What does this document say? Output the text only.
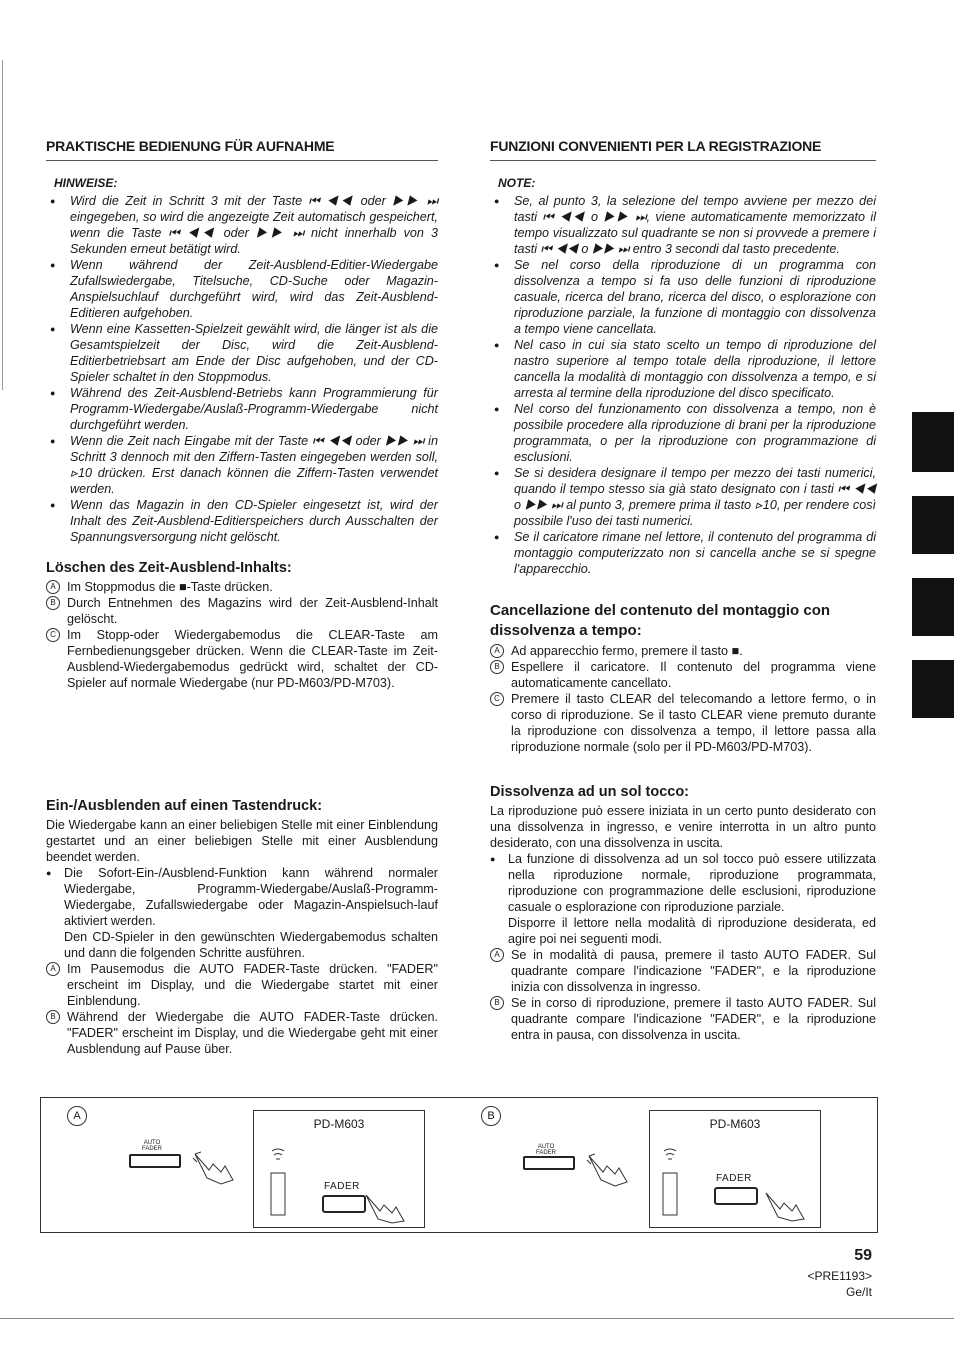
PRAKTISCHE BEDIENUNG FÜR AUFNAHME
HINWEISE:
● Wird die Zeit in Schritt 3 mit der Taste ⏮ ◀◀ oder ▶▶ ⏭ eingegeben, so wird die angezeigte Zeit automatisch gespeichert, wenn die Taste ⏮ ◀◀ oder ▶▶ ⏭ nicht innerhalb von 3 Sekunden erneut betätigt wird.
● Wenn während der Zeit-Ausblend-Editier-Wiedergabe Zufallswiedergabe, Titelsuche, CD-Suche oder Magazin-Anspielsuchlauf durchgeführt wird, wird das Zeit-Ausblend-Editieren aufgehoben.
● Wenn eine Kassetten-Spielzeit gewählt wird, die länger ist als die Gesamtspielzeit der Disc, wird die Zeit-Ausblend-Editierbetriebsart am Ende der Disc aufgehoben, und der CD-Spieler schaltet in den Stoppmodus.
● Während des Zeit-Ausblend-Betriebs kann Programmierung für Programm-Wiedergabe/Auslaß-Programm-Wiedergabe nicht durchgeführt werden.
● Wenn die Zeit nach Eingabe mit der Taste ⏮ ◀◀ oder ▶▶ ⏭ in Schritt 3 dennoch mit den Ziffern-Tasten eingegeben werden soll, ⊳10 drücken. Erst danach können die Ziffern-Tasten verwendet werden.
● Wenn das Magazin in den CD-Spieler eingesetzt ist, wird der Inhalt des Zeit-Ausblend-Editierspeichers durch Ausschalten der Spannungsversorgung nicht gelöscht.
Löschen des Zeit-Ausblend-Inhalts:
A Im Stoppmodus die ■-Taste drücken.
B Durch Entnehmen des Magazins wird der Zeit-Ausblend-Inhalt gelöscht.
C Im Stopp-oder Wiedergabemodus die CLEAR-Taste am Fernbedienungsgeber drücken. Wenn die CLEAR-Taste im Zeit-Ausblend-Wiedergabemodus gedrückt wird, schaltet der CD-Spieler auf normale Wiedergabe (nur PD-M603/PD-M703).
Ein-/Ausblenden auf einen Tastendruck:
Die Wiedergabe kann an einer beliebigen Stelle mit einer Einblendung gestartet und an einer beliebigen Stelle mit einer Ausblendung beendet werden.
● Die Sofort-Ein-/Ausblend-Funktion kann während normaler Wiedergabe, Programm-Wiedergabe/Auslaß-Programm-Wiedergabe, Zufallswiedergabe oder Magazin-Anspielsuch-lauf aktiviert werden.
Den CD-Spieler in den gewünschten Wiedergabemodus schalten und dann die folgenden Schritte ausführen.
A Im Pausemodus die AUTO FADER-Taste drücken. "FADER" erscheint im Display, und die Wiedergabe startet mit einer Einblendung.
B Während der Wiedergabe die AUTO FADER-Taste drücken. "FADER" erscheint im Display, und die Wiedergabe geht mit einer Ausblendung auf Pause über.
FUNZIONI CONVENIENTI PER LA REGISTRAZIONE
NOTE:
● Se, al punto 3, la selezione del tempo avviene per mezzo dei tasti ⏮ ◀◀ o ▶▶ ⏭, viene automaticamente memorizzato il tempo visualizzato sul quadrante se non si provvede a premere i tasti ⏮ ◀◀ o ▶▶ ⏭ entro 3 secondi dal tasto precedente.
● Se nel corso della riproduzione di un programma con dissolvenza a tempo si fa uso delle funzioni di riproduzione casuale, ricerca del brano, ricerca del disco, o esplorazione con riproduzione parziale, la funzione di montaggio con dissolvenza a tempo viene cancellata.
● Nel caso in cui sia stato scelto un tempo di riproduzione del nastro superiore al tempo totale della riproduzione, il lettore cancella la modalità di montaggio con dissolvenza a tempo, e si arresta al termine della riproduzione del disco specificato.
● Nel corso del funzionamento con dissolvenza a tempo, non è possibile procedere alla riproduzione di brani per la riproduzione programmata, o per la riproduzione con programmazione di esclusioni.
● Se si desidera designare il tempo per mezzo dei tasti numerici, quando il tempo stesso sia già stato designato con i tasti ⏮ ◀◀ o ▶▶ ⏭ al punto 3, premere prima il tasto ⊳10, per rendere così possibile l'uso dei tasti numerici.
● Se il caricatore rimane nel lettore, il contenuto del programma di montaggio computerizzato non si cancella anche se si spegne l'apparecchio.
Cancellazione del contenuto del montaggio con dissolvenza a tempo:
A Ad apparecchio fermo, premere il tasto ■.
B Espellere il caricatore. Il contenuto del programma viene automaticamente cancellato.
C Premere il tasto CLEAR del telecomando a lettore fermo, o in corso di riproduzione. Se il tasto CLEAR viene premuto durante la riproduzione con dissolvenza a tempo, il lettore passa alla riproduzione normale (solo per il PD-M603/PD-M703).
Dissolvenza ad un sol tocco:
La riproduzione può essere iniziata in un certo punto desiderato con una dissolvenza in ingresso, e venire interrotta in un altro punto desiderato, con una dissolvenza in uscita.
● La funzione di dissolvenza ad un sol tocco può essere utilizzata nella riproduzione normale, riproduzione programmata, riproduzione con programmazione delle esclusioni, riproduzione casuale o esplorazione con riproduzione parziale.
Disporre il lettore nella modalità di riproduzione desiderata, ed agire poi nei seguenti modi.
A Se in modalità di pausa, premere il tasto AUTO FADER. Sul quadrante compare l'indicazione "FADER", e la riproduzione inizia con dissolvenza in ingresso.
B Se in corso di riproduzione, premere il tasto AUTO FADER. Sul quadrante compare l'indicazione "FADER", e la riproduzione entra in pausa, con dissolvenza in uscita.
A
AUTO FADER
PD-M603
FADER
B
AUTO FADER
PD-M603
FADER
59
<PRE1193>
Ge/It
